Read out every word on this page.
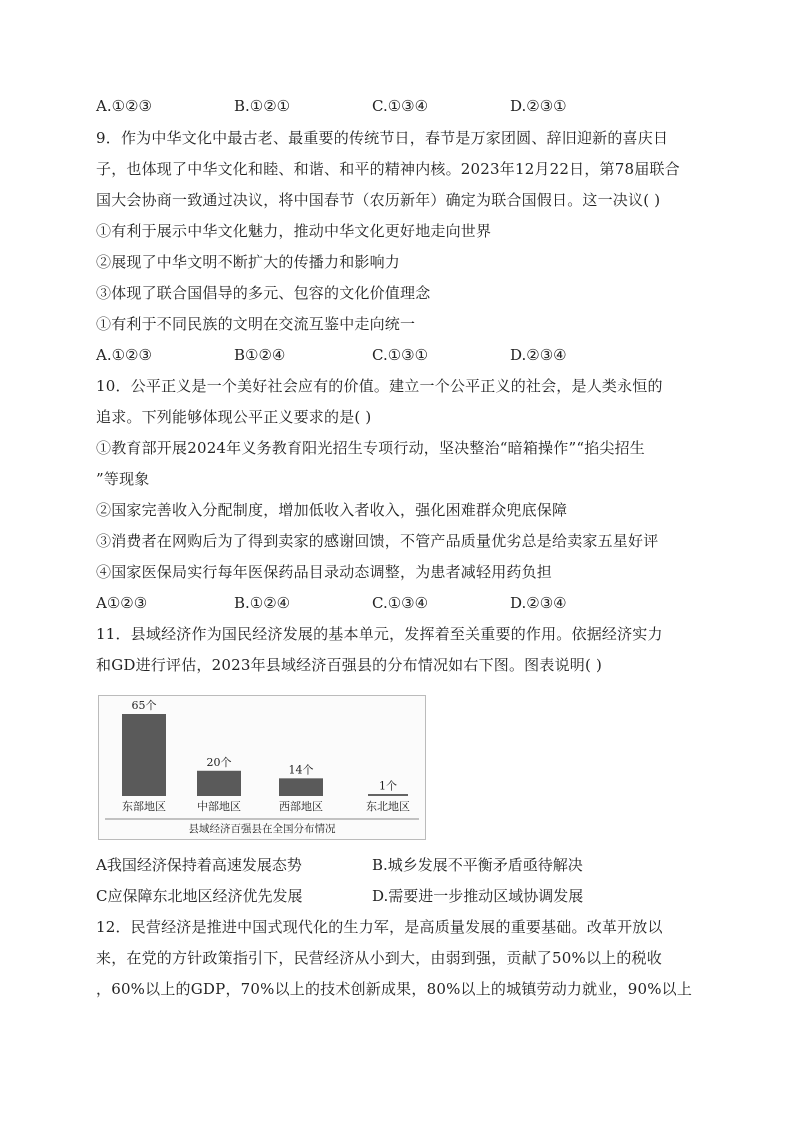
A.①②③	B.①②①	C.①③④	D.②③①
9．作为中华文化中最古老、最重要的传统节日，春节是万家团圆、辞旧迎新的喜庆日
子，也体现了中华文化和睦、和谐、和平的精神内核。2023年12月22日，第78届联合
国大会协商一致通过决议，将中国春节（农历新年）确定为联合国假日。这一决议( )
①有利于展示中华文化魅力，推动中华文化更好地走向世界
②展现了中华文明不断扩大的传播力和影响力
③体现了联合国倡导的多元、包容的文化价值理念
①有利于不同民族的文明在交流互鉴中走向统一
A.①②③	B①②④	C.①③①	D.②③④
10．公平正义是一个美好社会应有的价值。建立一个公平正义的社会，是人类永恒的
追求。下列能够体现公平正义要求的是( )
①教育部开展2024年义务教育阳光招生专项行动，坚决整治“暗箱操作”“掐尖招生
”等现象
②国家完善收入分配制度，增加低收入者收入，强化困难群众兜底保障
③消费者在网购后为了得到卖家的感谢回馈，不管产品质量优劣总是给卖家五星好评
④国家医保局实行每年医保药品目录动态调整，为患者减轻用药负担
A①②③	B.①②④	C.①③④	D.②③④
11．县域经济作为国民经济发展的基本单元，发挥着至关重要的作用。依据经济实力
和GD进行评估，2023年县域经济百强县的分布情况如右下图。图表说明( )
65个
东部地区
20个
中部地区
14个
西部地区
1个
东北地区
县域经济百强县在全国分布情况
A我国经济保持着高速发展态势	B.城乡发展不平衡矛盾亟待解决
C应保障东北地区经济优先发展	D.需要进一步推动区域协调发展
12．民营经济是推进中国式现代化的生力军，是高质量发展的重要基础。改革开放以
来，在党的方针政策指引下，民营经济从小到大，由弱到强，贡献了50%以上的税收
，60%以上的GDP，70%以上的技术创新成果，80%以上的城镇劳动力就业，90%以上
